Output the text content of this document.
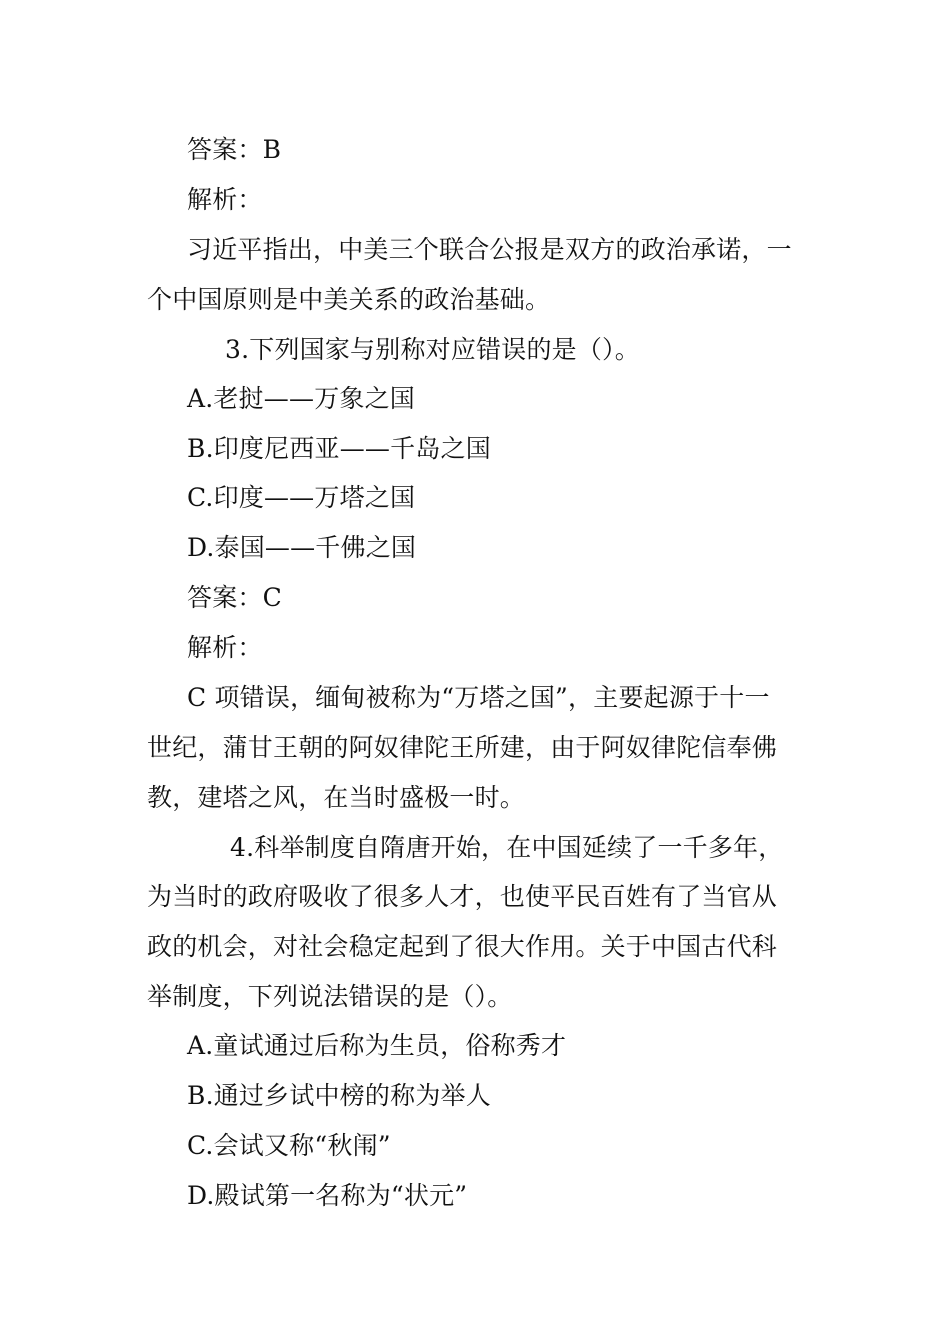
答案：B
解析：
习近平指出，中美三个联合公报是双方的政治承诺，一
个中国原则是中美关系的政治基础。
3.下列国家与别称对应错误的是（）。
A.老挝——万象之国
B.印度尼西亚——千岛之国
C.印度——万塔之国
D.泰国——千佛之国
答案：C
解析：
C 项错误，缅甸被称为“万塔之国”，主要起源于十一
世纪，蒲甘王朝的阿奴律陀王所建，由于阿奴律陀信奉佛
教，建塔之风，在当时盛极一时。
4.科举制度自隋唐开始，在中国延续了一千多年，
为当时的政府吸收了很多人才，也使平民百姓有了当官从
政的机会，对社会稳定起到了很大作用。关于中国古代科
举制度，下列说法错误的是（）。
A.童试通过后称为生员，俗称秀才
B.通过乡试中榜的称为举人
C.会试又称“秋闱”
D.殿试第一名称为“状元”
